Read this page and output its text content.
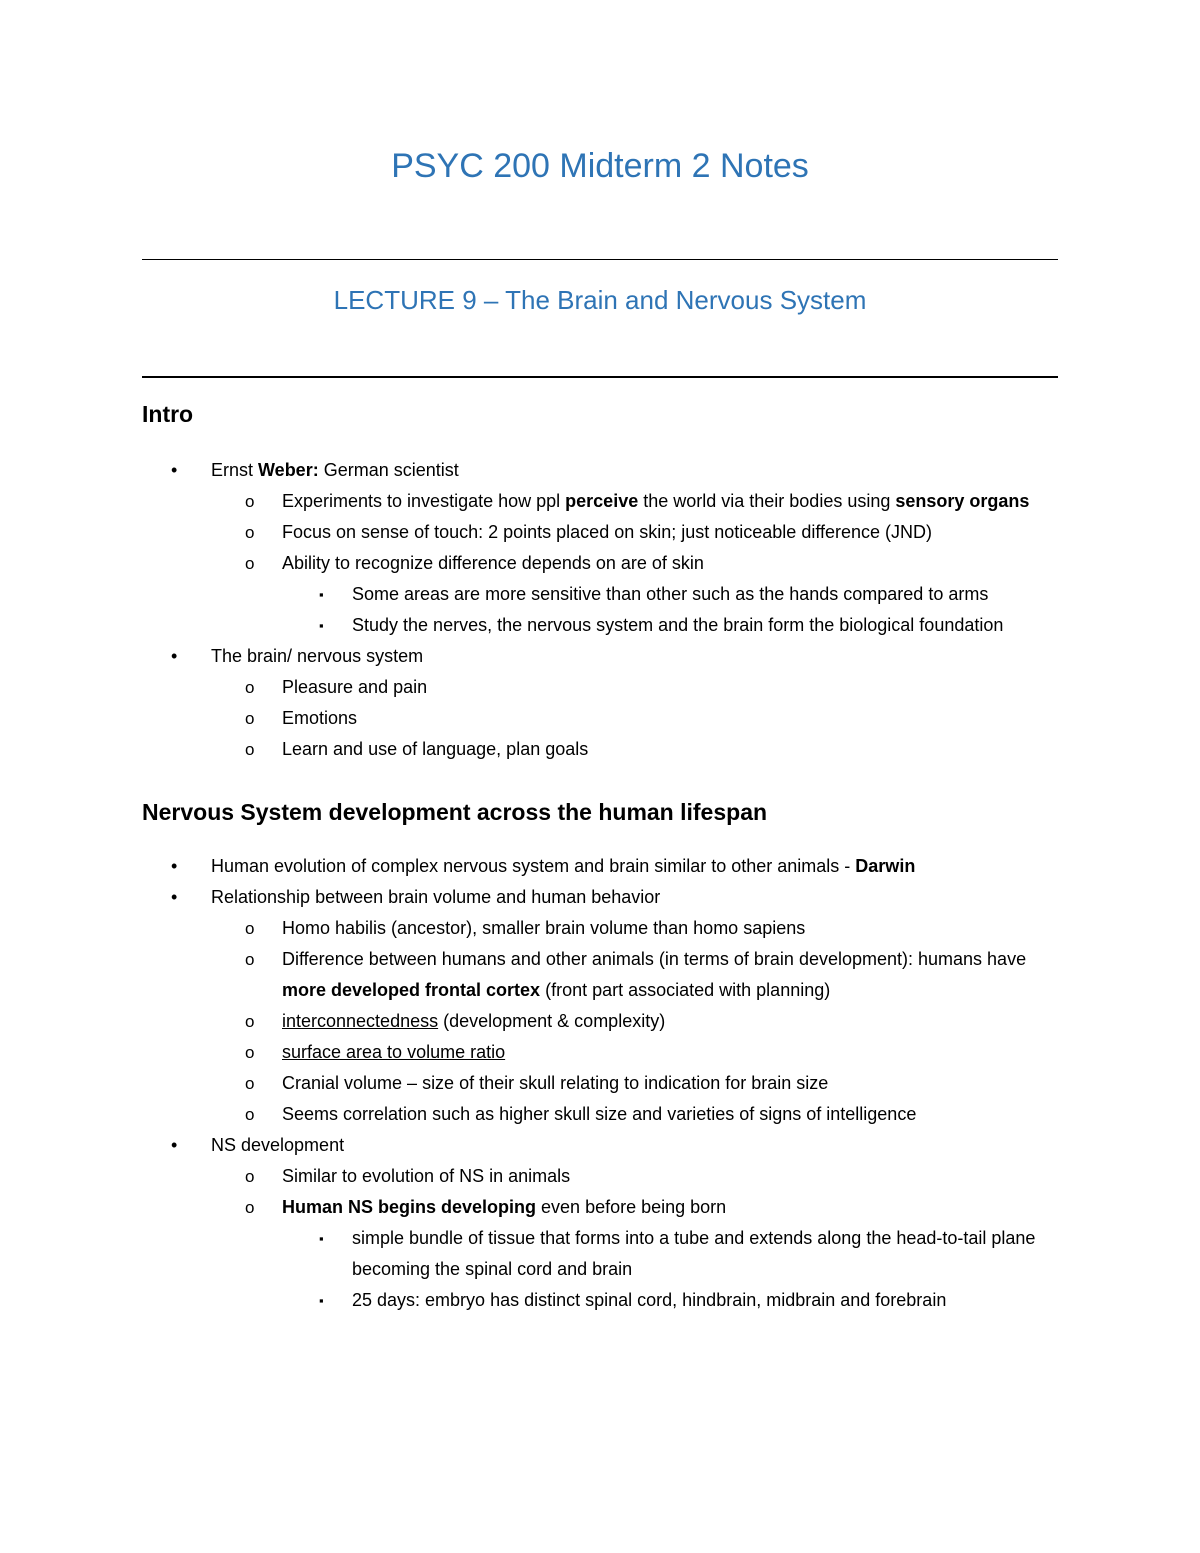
PSYC 200 Midterm 2 Notes
LECTURE 9 – The Brain and Nervous System
Intro
• Ernst Weber: German scientist
o Experiments to investigate how ppl perceive the world via their bodies using sensory organs
o Focus on sense of touch: 2 points placed on skin; just noticeable difference (JND)
o Ability to recognize difference depends on are of skin
▪ Some areas are more sensitive than other such as the hands compared to arms
▪ Study the nerves, the nervous system and the brain form the biological foundation
• The brain/ nervous system
o Pleasure and pain
o Emotions
o Learn and use of language, plan goals
Nervous System development across the human lifespan
• Human evolution of complex nervous system and brain similar to other animals - Darwin
• Relationship between brain volume and human behavior
o Homo habilis (ancestor), smaller brain volume than homo sapiens
o Difference between humans and other animals (in terms of brain development): humans have more developed frontal cortex (front part associated with planning)
o interconnectedness (development & complexity)
o surface area to volume ratio
o Cranial volume – size of their skull relating to indication for brain size
o Seems correlation such as higher skull size and varieties of signs of intelligence
• NS development
o Similar to evolution of NS in animals
o Human NS begins developing even before being born
▪ simple bundle of tissue that forms into a tube and extends along the head-to-tail plane becoming the spinal cord and brain
▪ 25 days: embryo has distinct spinal cord, hindbrain, midbrain and forebrain
